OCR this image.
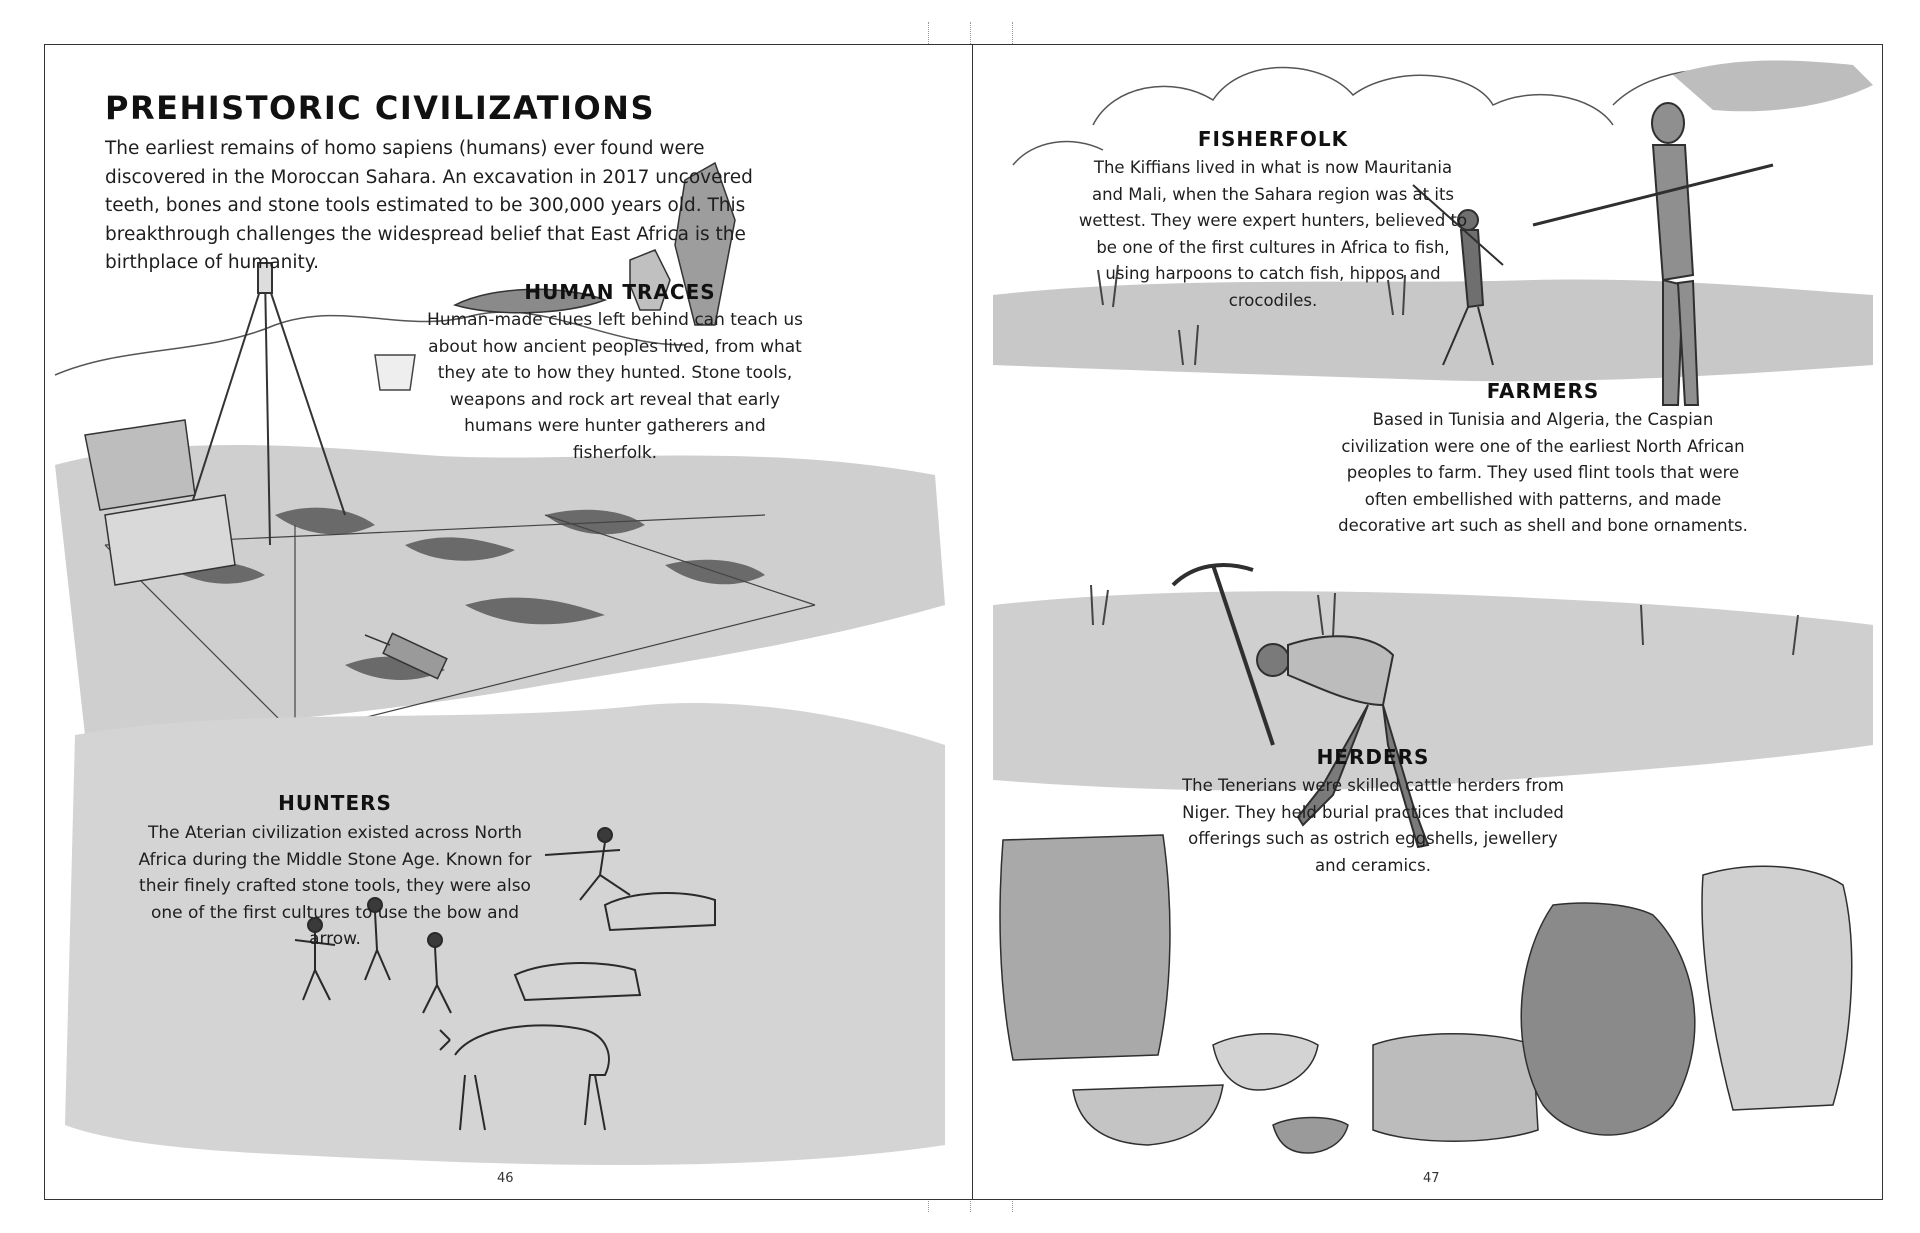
PREHISTORIC CIVILIZATIONS
The earliest remains of homo sapiens (humans) ever found were discovered in the Moroccan Sahara. An excavation in 2017 uncovered teeth, bones and stone tools estimated to be 300,000 years old. This breakthrough challenges the widespread belief that East Africa is the birthplace of humanity.
HUMAN TRACES
Human-made clues left behind can teach us about how ancient peoples lived, from what they ate to how they hunted. Stone tools, weapons and rock art reveal that early humans were hunter gatherers and fisherfolk.
HUNTERS
The Aterian civilization existed across North Africa during the Middle Stone Age. Known for their finely crafted stone tools, they were also one of the first cultures to use the bow and arrow.
46
FISHERFOLK
The Kiffians lived in what is now Mauritania and Mali, when the Sahara region was at its wettest. They were expert hunters, believed to be one of the first cultures in Africa to fish, using harpoons to catch fish, hippos and crocodiles.
FARMERS
Based in Tunisia and Algeria, the Caspian civilization were one of the earliest North African peoples to farm. They used flint tools that were often embellished with patterns, and made decorative art such as shell and bone ornaments.
HERDERS
The Tenerians were skilled cattle herders from Niger. They held burial practices that included offerings such as ostrich eggshells, jewellery and ceramics.
47
